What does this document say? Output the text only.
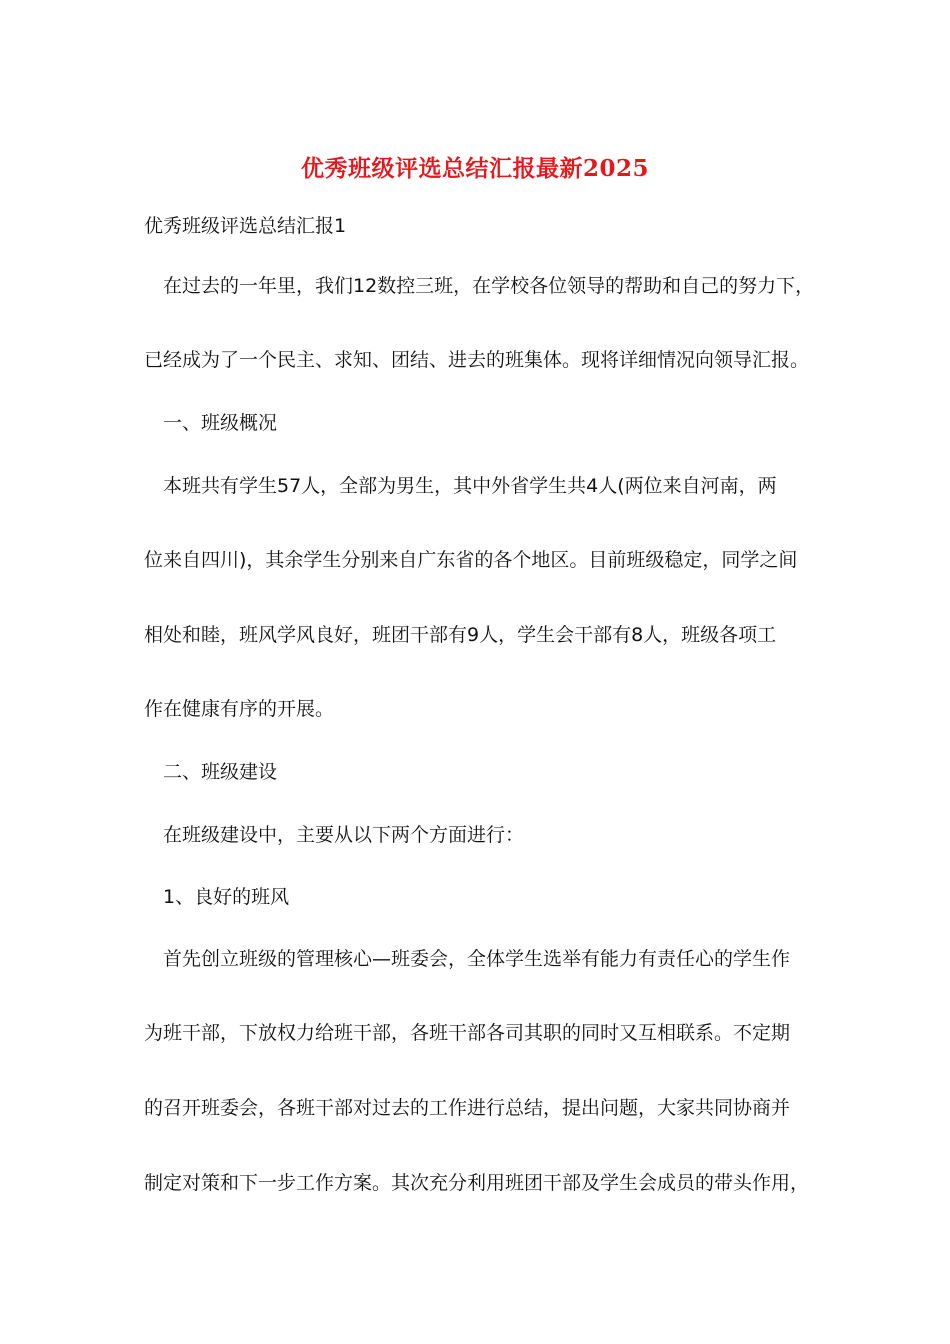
优秀班级评选总结汇报最新2025
优秀班级评选总结汇报1
在过去的一年里，我们12数控三班，在学校各位领导的帮助和自己的努力下，
已经成为了一个民主、求知、团结、进去的班集体。现将详细情况向领导汇报。
一、班级概况
本班共有学生57人，全部为男生，其中外省学生共4人(两位来自河南，两
位来自四川)，其余学生分别来自广东省的各个地区。目前班级稳定，同学之间
相处和睦，班风学风良好，班团干部有9人，学生会干部有8人，班级各项工
作在健康有序的开展。
二、班级建设
在班级建设中，主要从以下两个方面进行：
1、良好的班风
首先创立班级的管理核心—班委会，全体学生选举有能力有责任心的学生作
为班干部，下放权力给班干部，各班干部各司其职的同时又互相联系。不定期
的召开班委会，各班干部对过去的工作进行总结，提出问题，大家共同协商并
制定对策和下一步工作方案。其次充分利用班团干部及学生会成员的带头作用，
